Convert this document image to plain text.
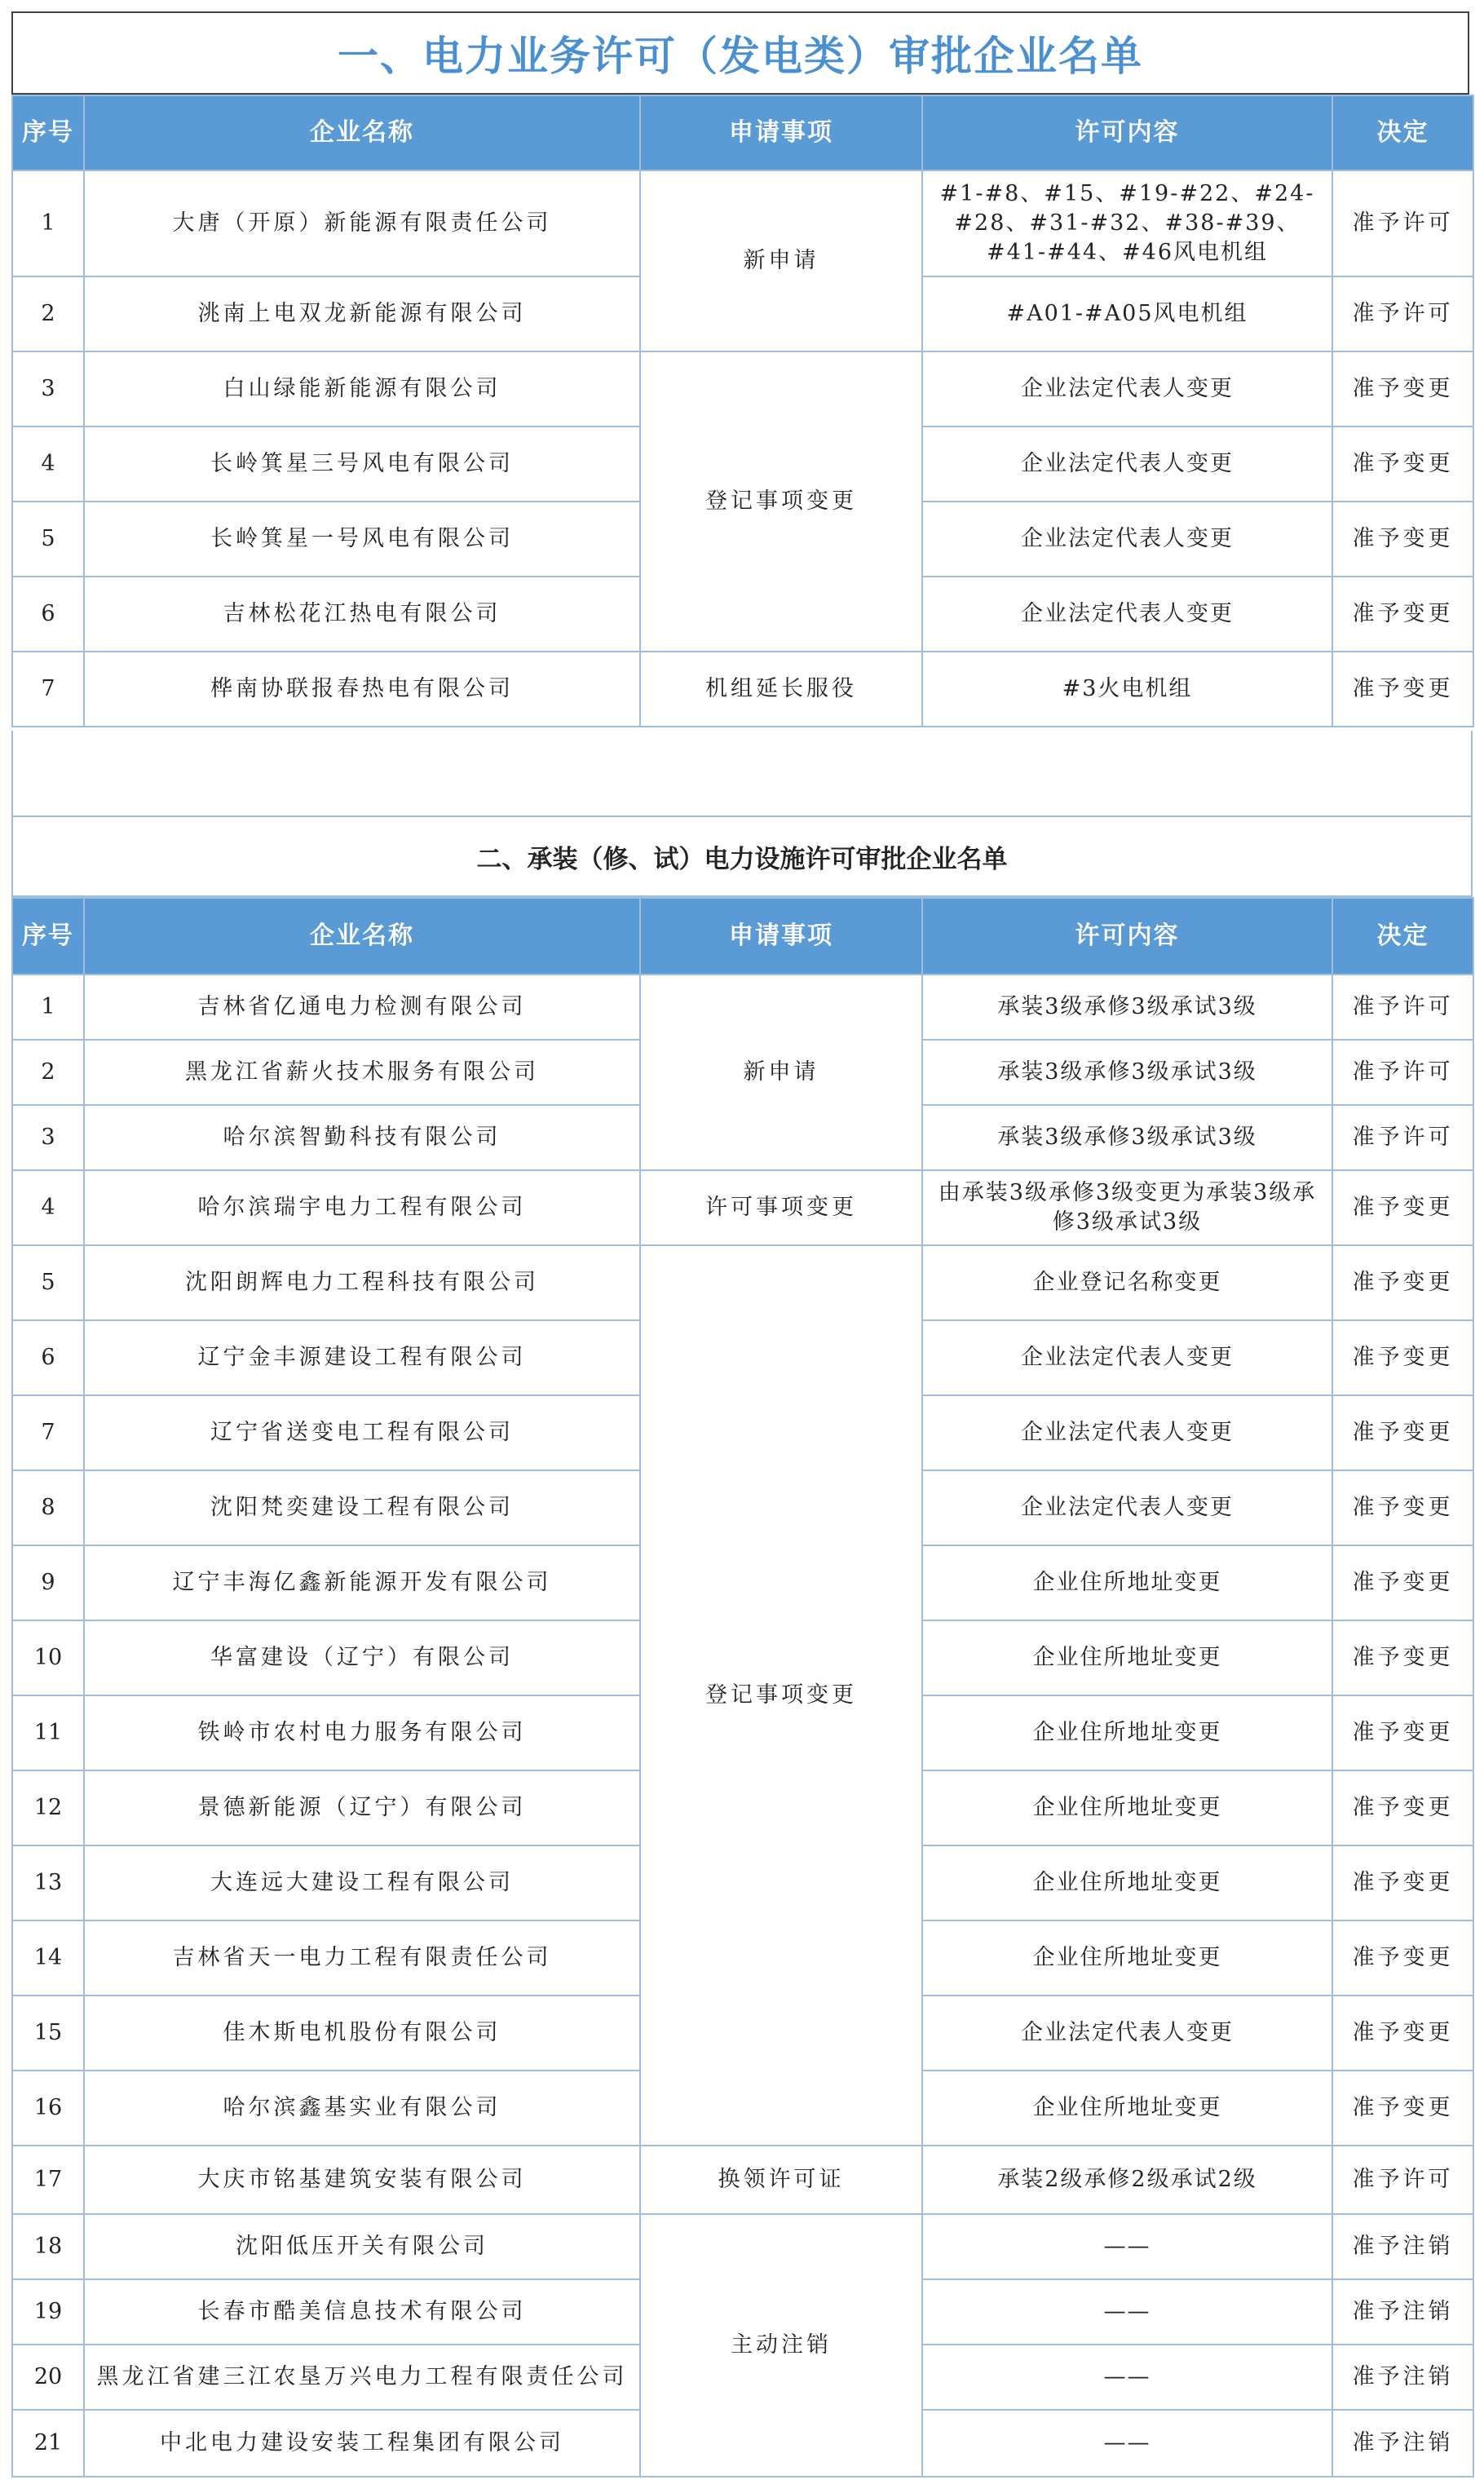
一、电力业务许可（发电类）审批企业名单
序号	企业名称	申请事项	许可内容	决定
1	大唐（开原）新能源有限责任公司	新申请	#1-#8、#15、#19-#22、#24-#28、#31-#32、#38-#39、#41-#44、#46风电机组	准予许可
2	洮南上电双龙新能源有限公司		#A01-#A05风电机组	准予许可
3	白山绿能新能源有限公司	登记事项变更	企业法定代表人变更	准予变更
4	长岭箕星三号风电有限公司		企业法定代表人变更	准予变更
5	长岭箕星一号风电有限公司		企业法定代表人变更	准予变更
6	吉林松花江热电有限公司		企业法定代表人变更	准予变更
7	桦南协联报春热电有限公司	机组延长服役	#3火电机组	准予变更
二、承装（修、试）电力设施许可审批企业名单
序号	企业名称	申请事项	许可内容	决定
1	吉林省亿通电力检测有限公司	新申请	承装3级承修3级承试3级	准予许可
2	黑龙江省薪火技术服务有限公司		承装3级承修3级承试3级	准予许可
3	哈尔滨智勤科技有限公司		承装3级承修3级承试3级	准予许可
4	哈尔滨瑞宇电力工程有限公司	许可事项变更	由承装3级承修3级变更为承装3级承修3级承试3级	准予变更
5	沈阳朗辉电力工程科技有限公司	登记事项变更	企业登记名称变更	准予变更
6	辽宁金丰源建设工程有限公司		企业法定代表人变更	准予变更
7	辽宁省送变电工程有限公司		企业法定代表人变更	准予变更
8	沈阳梵奕建设工程有限公司		企业法定代表人变更	准予变更
9	辽宁丰海亿鑫新能源开发有限公司		企业住所地址变更	准予变更
10	华富建设（辽宁）有限公司		企业住所地址变更	准予变更
11	铁岭市农村电力服务有限公司		企业住所地址变更	准予变更
12	景德新能源（辽宁）有限公司		企业住所地址变更	准予变更
13	大连远大建设工程有限公司		企业住所地址变更	准予变更
14	吉林省天一电力工程有限责任公司		企业住所地址变更	准予变更
15	佳木斯电机股份有限公司		企业法定代表人变更	准予变更
16	哈尔滨鑫基实业有限公司		企业住所地址变更	准予变更
17	大庆市铭基建筑安装有限公司	换领许可证	承装2级承修2级承试2级	准予许可
18	沈阳低压开关有限公司	主动注销	——	准予注销
19	长春市酷美信息技术有限公司		——	准予注销
20	黑龙江省建三江农垦万兴电力工程有限责任公司		——	准予注销
21	中北电力建设安装工程集团有限公司		——	准予注销
